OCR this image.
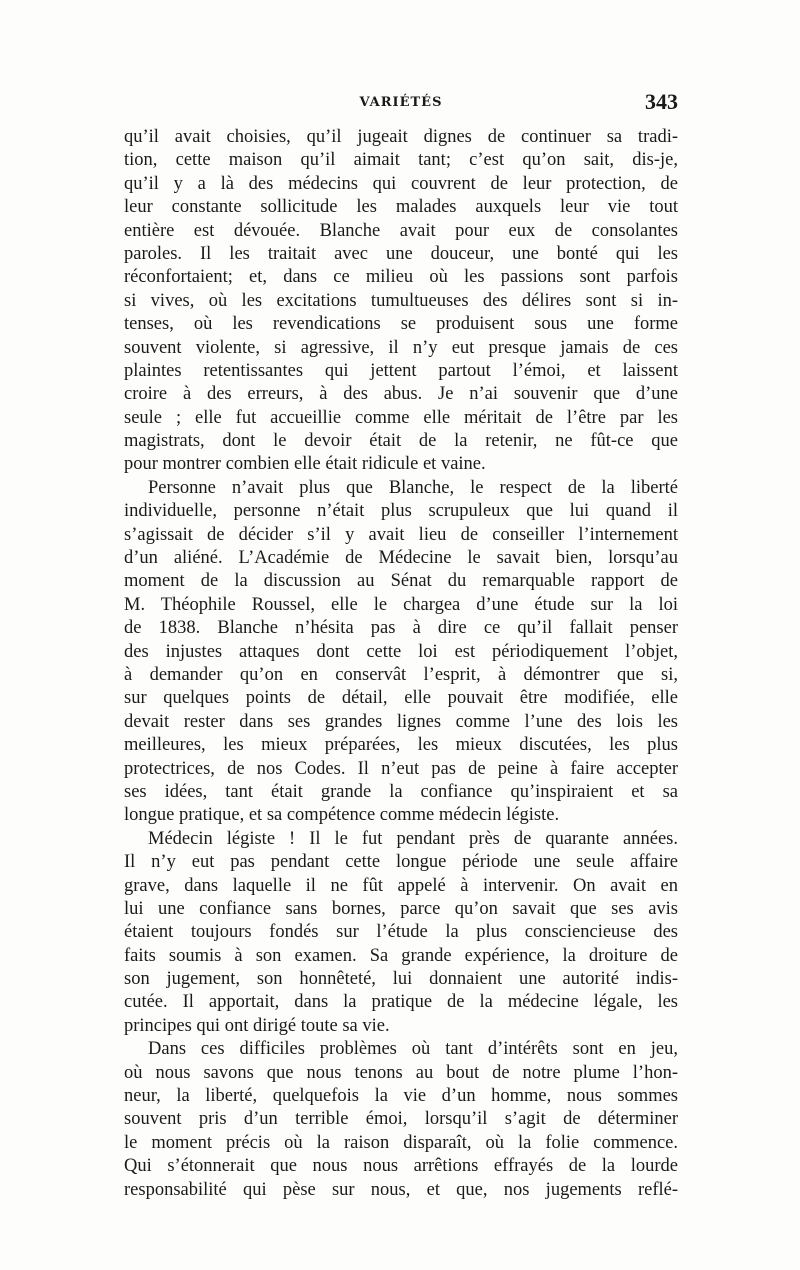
VARIÉTÉS	343
qu’il avait choisies, qu’il jugeait dignes de continuer sa tradi-
tion, cette maison qu’il aimait tant; c’est qu’on sait, dis-je,
qu’il y a là des médecins qui couvrent de leur protection, de
leur constante sollicitude les malades auxquels leur vie tout
entière est dévouée. Blanche avait pour eux de consolantes
paroles. Il les traitait avec une douceur, une bonté qui les
réconfortaient; et, dans ce milieu où les passions sont parfois
si vives, où les excitations tumultueuses des délires sont si in-
tenses, où les revendications se produisent sous une forme
souvent violente, si agressive, il n’y eut presque jamais de ces
plaintes retentissantes qui jettent partout l’émoi, et laissent
croire à des erreurs, à des abus. Je n’ai souvenir que d’une
seule ; elle fut accueillie comme elle méritait de l’être par les
magistrats, dont le devoir était de la retenir, ne fût-ce que
pour montrer combien elle était ridicule et vaine.
Personne n’avait plus que Blanche, le respect de la liberté
individuelle, personne n’était plus scrupuleux que lui quand il
s’agissait de décider s’il y avait lieu de conseiller l’internement
d’un aliéné. L’Académie de Médecine le savait bien, lorsqu’au
moment de la discussion au Sénat du remarquable rapport de
M. Théophile Roussel, elle le chargea d’une étude sur la loi
de 1838. Blanche n’hésita pas à dire ce qu’il fallait penser
des injustes attaques dont cette loi est périodiquement l’objet,
à demander qu’on en conservât l’esprit, à démontrer que si,
sur quelques points de détail, elle pouvait être modifiée, elle
devait rester dans ses grandes lignes comme l’une des lois les
meilleures, les mieux préparées, les mieux discutées, les plus
protectrices, de nos Codes. Il n’eut pas de peine à faire accepter
ses idées, tant était grande la confiance qu’inspiraient et sa
longue pratique, et sa compétence comme médecin légiste.
Médecin légiste ! Il le fut pendant près de quarante années.
Il n’y eut pas pendant cette longue période une seule affaire
grave, dans laquelle il ne fût appelé à intervenir. On avait en
lui une confiance sans bornes, parce qu’on savait que ses avis
étaient toujours fondés sur l’étude la plus consciencieuse des
faits soumis à son examen. Sa grande expérience, la droiture de
son jugement, son honnêteté, lui donnaient une autorité indis-
cutée. Il apportait, dans la pratique de la médecine légale, les
principes qui ont dirigé toute sa vie.
Dans ces difficiles problèmes où tant d’intérêts sont en jeu,
où nous savons que nous tenons au bout de notre plume l’hon-
neur, la liberté, quelquefois la vie d’un homme, nous sommes
souvent pris d’un terrible émoi, lorsqu’il s’agit de déterminer
le moment précis où la raison disparaît, où la folie commence.
Qui s’étonnerait que nous nous arrêtions effrayés de la lourde
responsabilité qui pèse sur nous, et que, nos jugements reflé-
